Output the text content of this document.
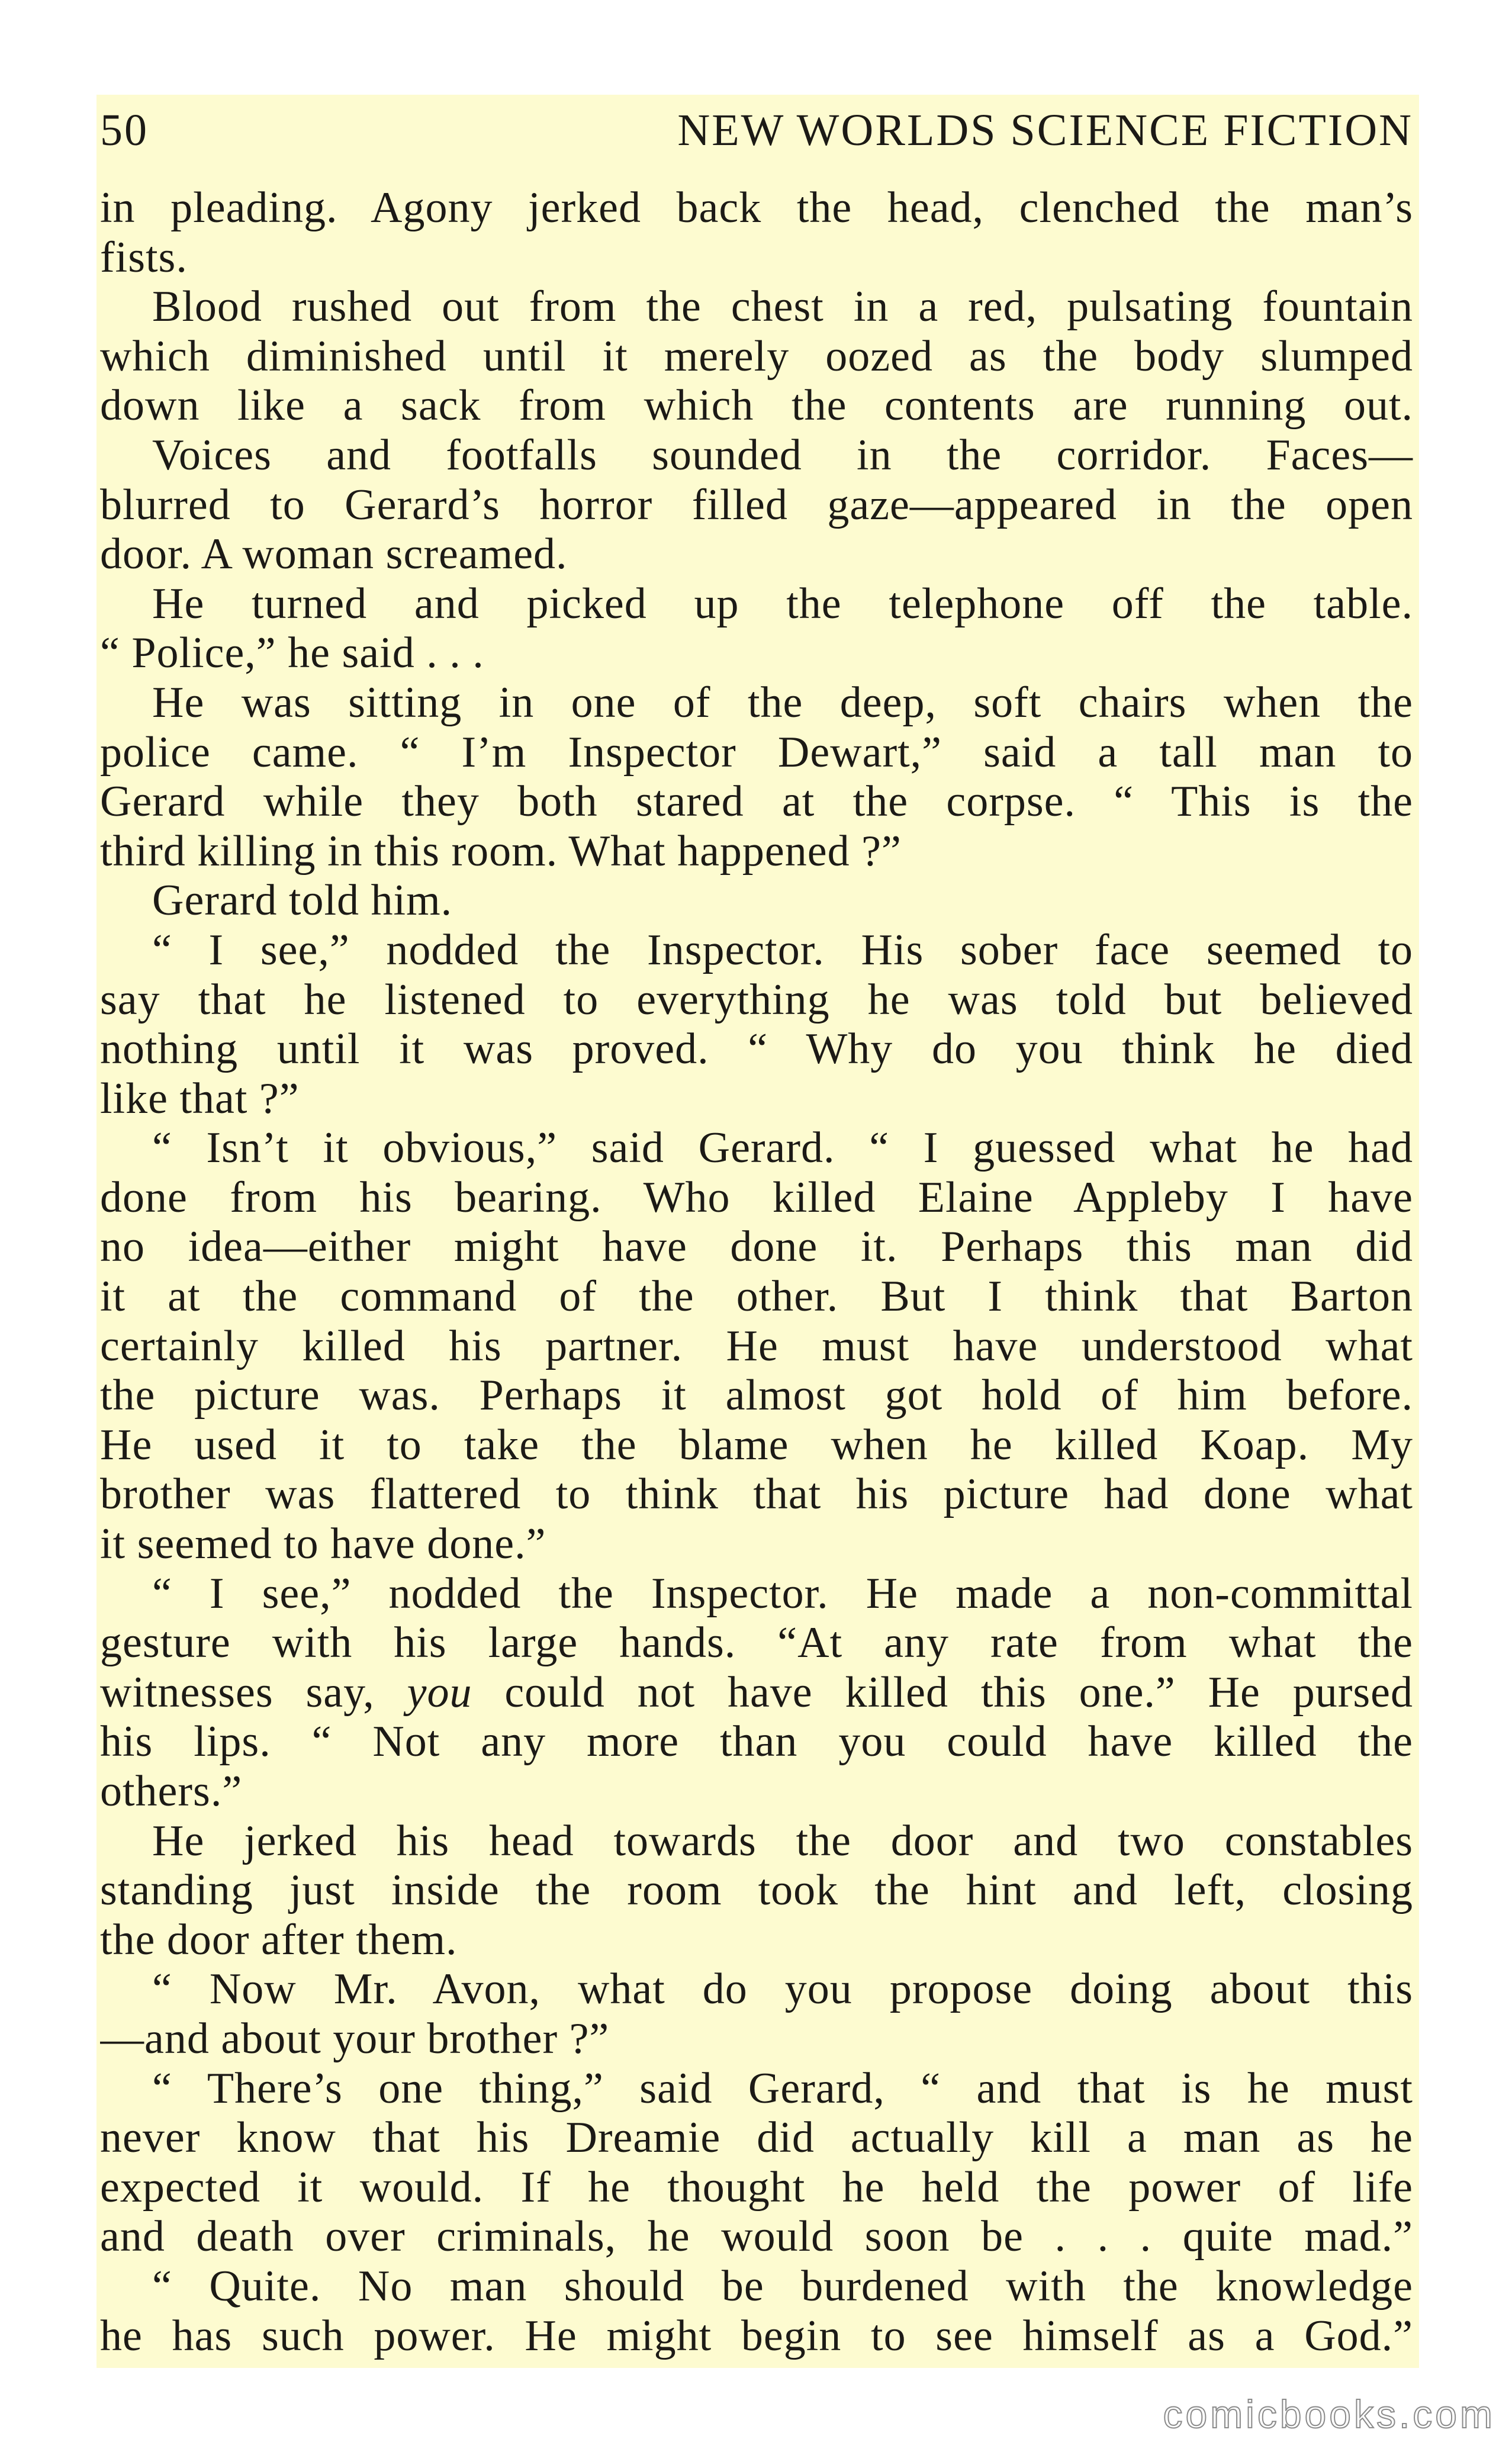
50	NEW WORLDS SCIENCE FICTION
in pleading. Agony jerked back the head, clenched the man’s
fists.
Blood rushed out from the chest in a red, pulsating fountain
which diminished until it merely oozed as the body slumped
down like a sack from which the contents are running out.
Voices and footfalls sounded in the corridor. Faces—
blurred to Gerard’s horror filled gaze—appeared in the open
door. A woman screamed.
He turned and picked up the telephone off the table.
“ Police,” he said . . .
He was sitting in one of the deep, soft chairs when the
police came. “ I’m Inspector Dewart,” said a tall man to
Gerard while they both stared at the corpse. “ This is the
third killing in this room. What happened ?”
Gerard told him.
“ I see,” nodded the Inspector. His sober face seemed to
say that he listened to everything he was told but believed
nothing until it was proved. “ Why do you think he died
like that ?”
“ Isn’t it obvious,” said Gerard. “ I guessed what he had
done from his bearing. Who killed Elaine Appleby I have
no idea—either might have done it. Perhaps this man did
it at the command of the other. But I think that Barton
certainly killed his partner. He must have understood what
the picture was. Perhaps it almost got hold of him before.
He used it to take the blame when he killed Koap. My
brother was flattered to think that his picture had done what
it seemed to have done.”
“ I see,” nodded the Inspector. He made a non-committal
gesture with his large hands. “At any rate from what the
witnesses say, you could not have killed this one.” He pursed
his lips. “ Not any more than you could have killed the
others.”
He jerked his head towards the door and two constables
standing just inside the room took the hint and left, closing
the door after them.
“ Now Mr. Avon, what do you propose doing about this
—and about your brother ?”
“ There’s one thing,” said Gerard, “ and that is he must
never know that his Dreamie did actually kill a man as he
expected it would. If he thought he held the power of life
and death over criminals, he would soon be . . . quite mad.”
“ Quite. No man should be burdened with the knowledge
he has such power. He might begin to see himself as a God.”
comicbooks.com
